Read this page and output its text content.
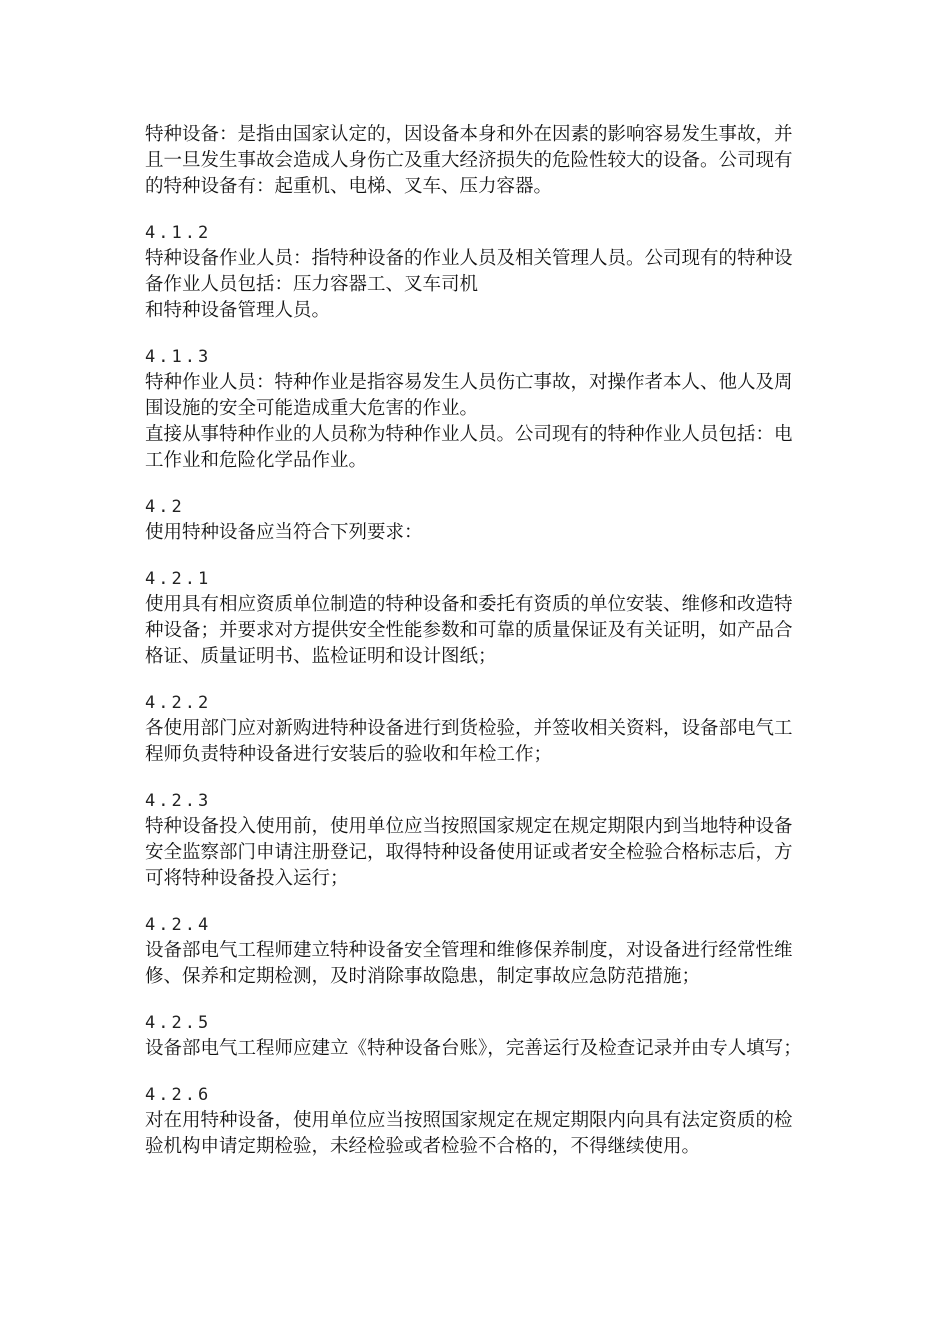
特种设备：是指由国家认定的，因设备本身和外在因素的影响容易发生事故，并
且一旦发生事故会造成人身伤亡及重大经济损失的危险性较大的设备。公司现有
的特种设备有：起重机、电梯、叉车、压力容器。
4.1.2
特种设备作业人员：指特种设备的作业人员及相关管理人员。公司现有的特种设
备作业人员包括：压力容器工、叉车司机
和特种设备管理人员。
4.1.3
特种作业人员：特种作业是指容易发生人员伤亡事故，对操作者本人、他人及周
围设施的安全可能造成重大危害的作业。
直接从事特种作业的人员称为特种作业人员。公司现有的特种作业人员包括：电
工作业和危险化学品作业。
4.2
使用特种设备应当符合下列要求：
4.2.1
使用具有相应资质单位制造的特种设备和委托有资质的单位安装、维修和改造特
种设备；并要求对方提供安全性能参数和可靠的质量保证及有关证明，如产品合
格证、质量证明书、监检证明和设计图纸；
4.2.2
各使用部门应对新购进特种设备进行到货检验，并签收相关资料，设备部电气工
程师负责特种设备进行安装后的验收和年检工作；
4.2.3
特种设备投入使用前，使用单位应当按照国家规定在规定期限内到当地特种设备
安全监察部门申请注册登记，取得特种设备使用证或者安全检验合格标志后，方
可将特种设备投入运行；
4.2.4
设备部电气工程师建立特种设备安全管理和维修保养制度，对设备进行经常性维
修、保养和定期检测，及时消除事故隐患，制定事故应急防范措施；
4.2.5
设备部电气工程师应建立《特种设备台账》，完善运行及检查记录并由专人填写；
4.2.6
对在用特种设备，使用单位应当按照国家规定在规定期限内向具有法定资质的检
验机构申请定期检验，未经检验或者检验不合格的，不得继续使用。
